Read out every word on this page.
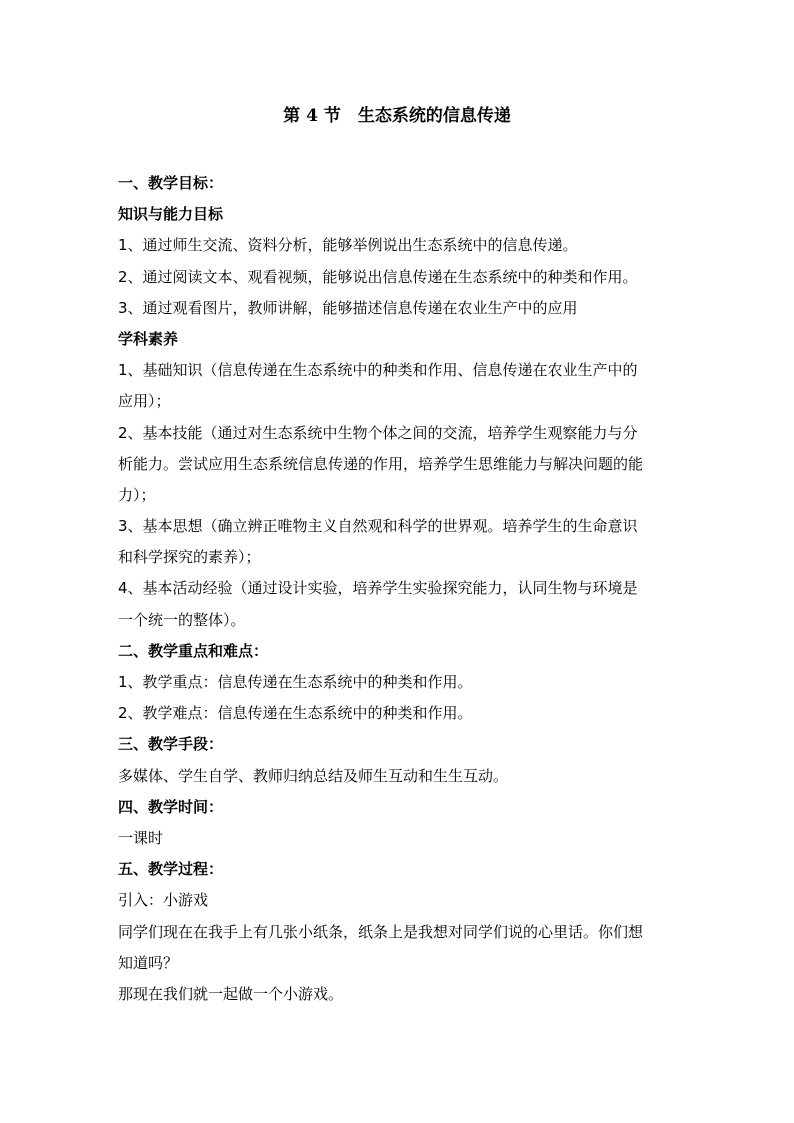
第 4 节　生态系统的信息传递
一、教学目标：
知识与能力目标
1、通过师生交流、资料分析，能够举例说出生态系统中的信息传递。
2、通过阅读文本、观看视频，能够说出信息传递在生态系统中的种类和作用。
3、通过观看图片，教师讲解，能够描述信息传递在农业生产中的应用
学科素养
1、基础知识（信息传递在生态系统中的种类和作用、信息传递在农业生产中的
应用）；
2、基本技能（通过对生态系统中生物个体之间的交流，培养学生观察能力与分
析能力。尝试应用生态系统信息传递的作用，培养学生思维能力与解决问题的能
力）；
3、基本思想（确立辨正唯物主义自然观和科学的世界观。培养学生的生命意识
和科学探究的素养）；
4、基本活动经验（通过设计实验，培养学生实验探究能力，认同生物与环境是
一个统一的整体）。
二、教学重点和难点：
1、教学重点：信息传递在生态系统中的种类和作用。
2、教学难点：信息传递在生态系统中的种类和作用。
三、教学手段：
多媒体、学生自学、教师归纳总结及师生互动和生生互动。
四、教学时间：
一课时
五、教学过程：
引入：小游戏
同学们现在在我手上有几张小纸条，纸条上是我想对同学们说的心里话。你们想
知道吗？
那现在我们就一起做一个小游戏。
